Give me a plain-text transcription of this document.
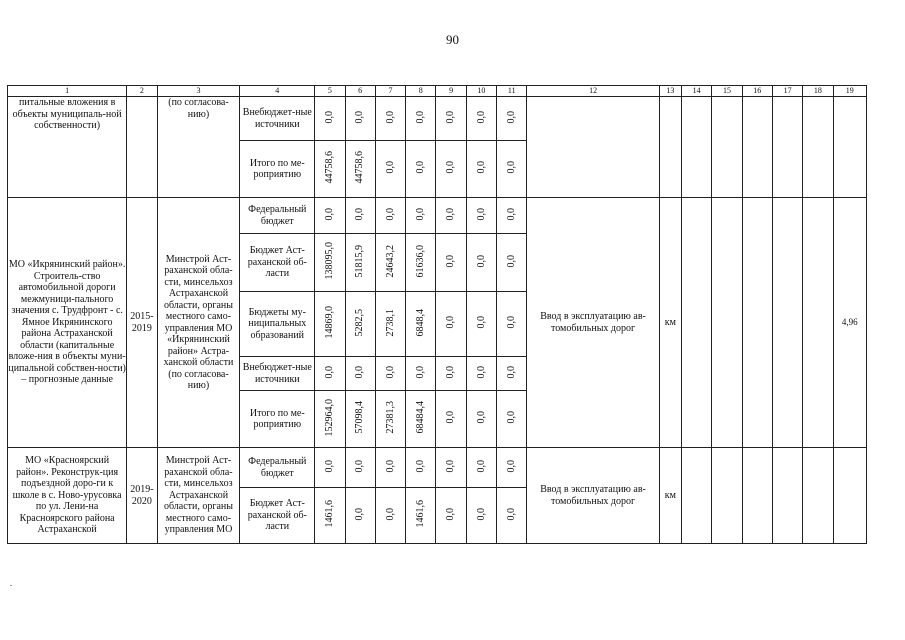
90
1	2	3	4	5	6	7	8	9	10	11	12	13	14	15	16	17	18	19
питальные вложения в объекты муниципаль-ной собственности)		(по согласова-нию)	Внебюджет-ные источники	0,0	0,0	0,0	0,0	0,0	0,0	0,0								
			Итого по ме-роприятию	44758,6	44758,6	0,0	0,0	0,0	0,0	0,0								
МО «Икрянинский район». Строитель-ство автомобильной дороги межмуници-пального значения с. Трудфронт - с. Ямное Икрянинского района Астраханской области (капитальные вложе-ния в объекты муни-ципальной собствен-ности) – прогнозные данные	2015-2019	Минстрой Аст-раханской обла-сти, минсельхоз Астраханской области, органы местного само-управления МО «Икрянинский район» Астра-ханской области (по согласова-нию)	Федеральный бюджет	0,0	0,0	0,0	0,0	0,0	0,0	0,0	Ввод в эксплуатацию ав-томобильных дорог	км						4,96
			Бюджет Аст-раханской об-ласти	138095,0	51815,9	24643,2	61636,0	0,0	0,0	0,0								
			Бюджеты му-ниципальных образований	14869,0	5282,5	2738,1	6848,4	0,0	0,0	0,0								
			Внебюджет-ные источники	0,0	0,0	0,0	0,0	0,0	0,0	0,0								
			Итого по ме-роприятию	152964,0	57098,4	27381,3	68484,4	0,0	0,0	0,0								
МО «Красноярский район». Реконструк-ция подъездной доро-ги к школе в с. Ново-урусовка по ул. Лени-на Красноярского района Астраханской	2019-2020	Минстрой Аст-раханской обла-сти, минсельхоз Астраханской области, органы местного само-управления МО	Федеральный бюджет	0,0	0,0	0,0	0,0	0,0	0,0	0,0	Ввод в эксплуатацию ав-томобильных дорог	км						
			Бюджет Аст-раханской об-ласти	1461,6	0,0	0,0	1461,6	0,0	0,0	0,0								
